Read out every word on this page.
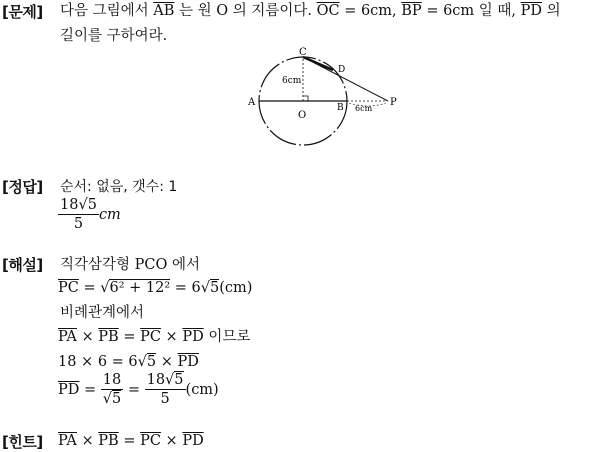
[문제] 다음 그림에서 $\overline{AB}$ 는 원 O 의 지름이다. $\overline{OC} = 6cm$, $\overline{BP} = 6cm$ 일 때, $\overline{PD}$ 의
길이를 구하여라.
A	B
C
D
P
O
6cm
6cm
[정답] 순서: 없음, 갯수: 1
$\frac{18√5}{5}$ cm
[해설] 직각삼각형 PCO 에서
$\overline{PC} = √6^2 + 12^2 = 6√5(cm)$
비례관계에서
$\overline{PA} \times \overline{PB} = \overline{PC} \times \overline{PD}$ 이므로
$18 \times 6 = 6√5 \times \overline{PD}$
$\overline{PD} = \frac{18}{√5} = \frac{18√5}{5} (cm)$
[힌트] $\overline{PA} \times \overline{PB} = \overline{PC} \times \overline{PD}$
